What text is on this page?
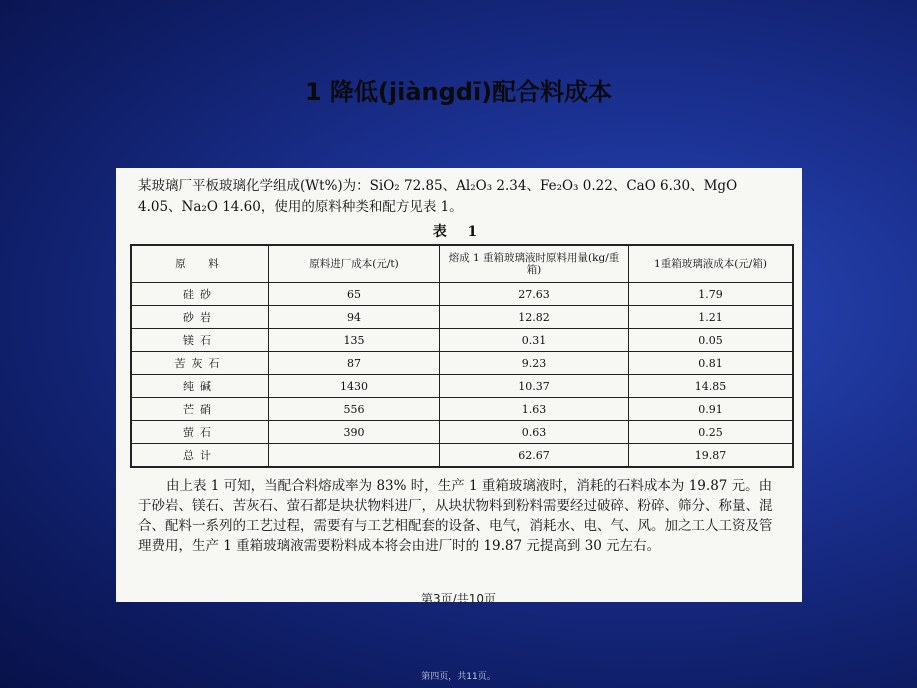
1 降低(jiàngdī)配合料成本

某玻璃厂平板玻璃化学组成(Wt%)为：SiO₂ 72.85、Al₂O₃ 2.34、Fe₂O₃ 0.22、CaO 6.30、MgO 4.05、Na₂O 14.60，使用的原料种类和配方见表 1。

表 1
原　料	原料进厂成本(元/t)	熔成 1 重箱玻璃液时原料用量(kg/重箱)	1重箱玻璃液成本(元/箱)
硅砂	65	27.63	1.79
砂岩	94	12.82	1.21
镁石	135	0.31	0.05
苦灰石	87	9.23	0.81
纯碱	1430	10.37	14.85
芒硝	556	1.63	0.91
萤石	390	0.63	0.25
总计		62.67	19.87

由上表 1 可知，当配合料熔成率为 83% 时，生产 1 重箱玻璃液时，消耗的石料成本为 19.87 元。由于砂岩、镁石、苦灰石、萤石都是块状物料进厂，从块状物料到粉料需要经过破碎、粉碎、筛分、称量、混合、配料一系列的工艺过程，需要有与工艺相配套的设备、电气，消耗水、电、气、风。加之工人工资及管理费用，生产 1 重箱玻璃液需要粉料成本将会由进厂时的 19.87 元提高到 30 元左右。

第3页/共10页
第四页，共11页。
